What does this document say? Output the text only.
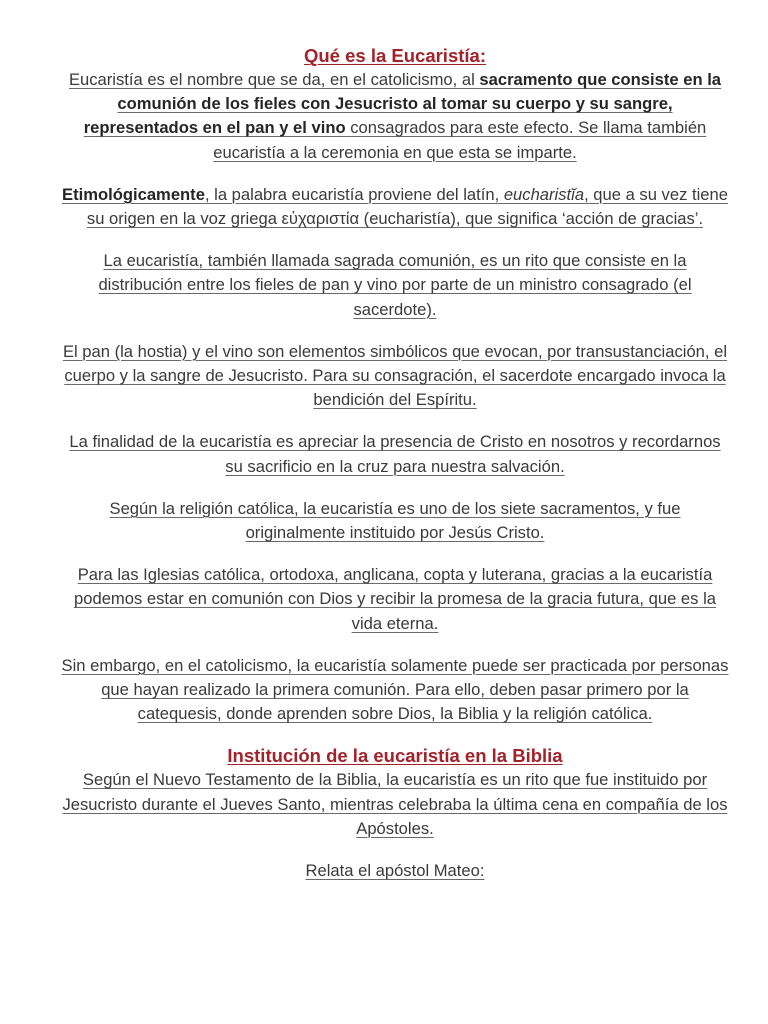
Qué es la Eucaristía:

Eucaristía es el nombre que se da, en el catolicismo, al sacramento que consiste en la comunión de los fieles con Jesucristo al tomar su cuerpo y su sangre, representados en el pan y el vino consagrados para este efecto. Se llama también eucaristía a la ceremonia en que esta se imparte.

Etimológicamente, la palabra eucaristía proviene del latín, eucharistĭa, que a su vez tiene su origen en la voz griega εὐχαριστία (eucharistía), que significa ‘acción de gracias’.

La eucaristía, también llamada sagrada comunión, es un rito que consiste en la distribución entre los fieles de pan y vino por parte de un ministro consagrado (el sacerdote).

El pan (la hostia) y el vino son elementos simbólicos que evocan, por transustanciación, el cuerpo y la sangre de Jesucristo. Para su consagración, el sacerdote encargado invoca la bendición del Espíritu.

La finalidad de la eucaristía es apreciar la presencia de Cristo en nosotros y recordarnos su sacrificio en la cruz para nuestra salvación.

Según la religión católica, la eucaristía es uno de los siete sacramentos, y fue originalmente instituido por Jesús Cristo.

Para las Iglesias católica, ortodoxa, anglicana, copta y luterana, gracias a la eucaristía podemos estar en comunión con Dios y recibir la promesa de la gracia futura, que es la vida eterna.

Sin embargo, en el catolicismo, la eucaristía solamente puede ser practicada por personas que hayan realizado la primera comunión. Para ello, deben pasar primero por la catequesis, donde aprenden sobre Dios, la Biblia y la religión católica.

Institución de la eucaristía en la Biblia

Según el Nuevo Testamento de la Biblia, la eucaristía es un rito que fue instituido por Jesucristo durante el Jueves Santo, mientras celebraba la última cena en compañía de los Apóstoles.

Relata el apóstol Mateo:
